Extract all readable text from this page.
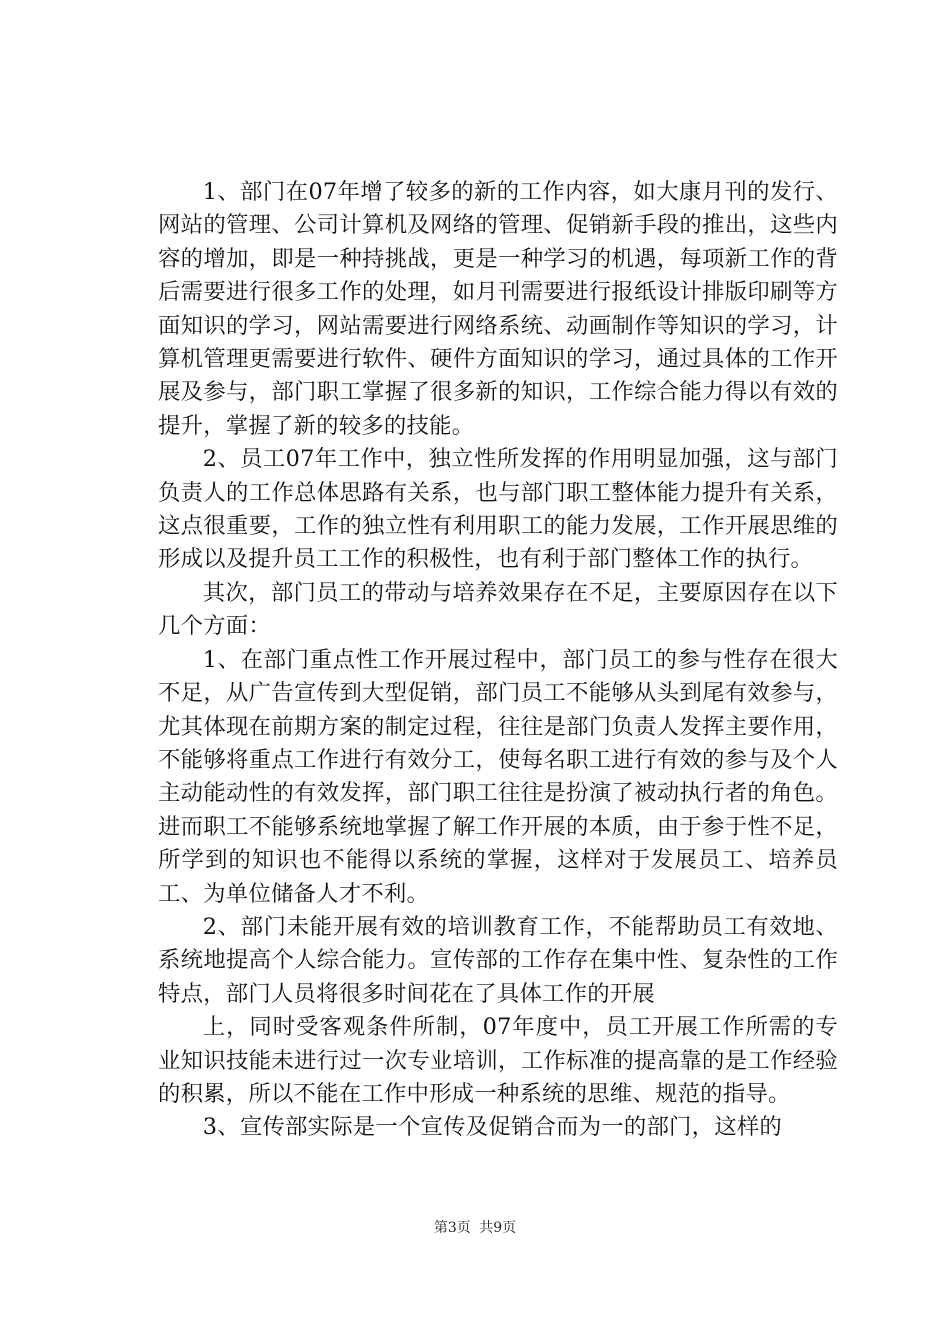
1、部门在07年增了较多的新的工作内容，如大康月刊的发行、网站的管理、公司计算机及网络的管理、促销新手段的推出，这些内容的增加，即是一种持挑战，更是一种学习的机遇，每项新工作的背后需要进行很多工作的处理，如月刊需要进行报纸设计排版印刷等方面知识的学习，网站需要进行网络系统、动画制作等知识的学习，计算机管理更需要进行软件、硬件方面知识的学习，通过具体的工作开展及参与，部门职工掌握了很多新的知识，工作综合能力得以有效的提升，掌握了新的较多的技能。

2、员工07年工作中，独立性所发挥的作用明显加强，这与部门负责人的工作总体思路有关系，也与部门职工整体能力提升有关系，这点很重要，工作的独立性有利用职工的能力发展，工作开展思维的形成以及提升员工工作的积极性，也有利于部门整体工作的执行。

其次，部门员工的带动与培养效果存在不足，主要原因存在以下几个方面：

1、在部门重点性工作开展过程中，部门员工的参与性存在很大不足，从广告宣传到大型促销，部门员工不能够从头到尾有效参与，尤其体现在前期方案的制定过程，往往是部门负责人发挥主要作用，不能够将重点工作进行有效分工，使每名职工进行有效的参与及个人主动能动性的有效发挥，部门职工往往是扮演了被动执行者的角色。进而职工不能够系统地掌握了解工作开展的本质，由于参于性不足，所学到的知识也不能得以系统的掌握，这样对于发展员工、培养员工、为单位储备人才不利。

2、部门未能开展有效的培训教育工作，不能帮助员工有效地、系统地提高个人综合能力。宣传部的工作存在集中性、复杂性的工作特点，部门人员将很多时间花在了具体工作的开展

上，同时受客观条件所制，07年度中，员工开展工作所需的专业知识技能未进行过一次专业培训，工作标准的提高靠的是工作经验的积累，所以不能在工作中形成一种系统的思维、规范的指导。

3、宣传部实际是一个宣传及促销合而为一的部门，这样的

第3页 共9页
